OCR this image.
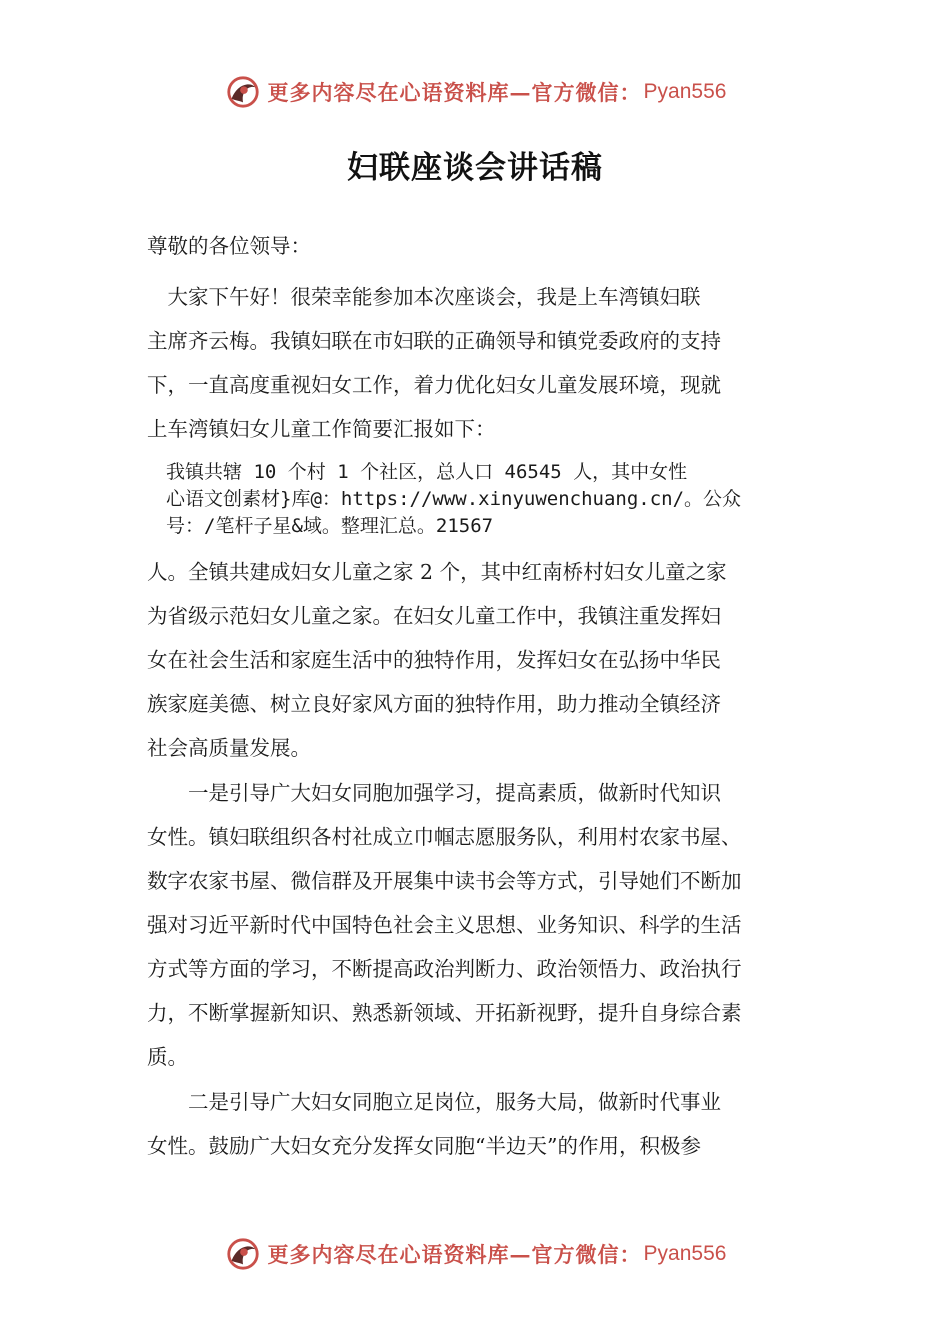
更多内容尽在心语资料库—官方微信： Pyan556
妇联座谈会讲话稿
尊敬的各位领导：
　大家下午好！很荣幸能参加本次座谈会，我是上车湾镇妇联
主席齐云梅。我镇妇联在市妇联的正确领导和镇党委政府的支持
下，一直高度重视妇女工作，着力优化妇女儿童发展环境，现就
上车湾镇妇女儿童工作简要汇报如下：
　我镇共辖 10 个村 1 个社区，总人口 46545 人，其中女性
　心语文创素材}库@：https://www.xinyuwenchuang.cn/。公众
　号：/笔杆子星&域。整理汇总。21567
人。全镇共建成妇女儿童之家 2 个，其中红南桥村妇女儿童之家
为省级示范妇女儿童之家。在妇女儿童工作中，我镇注重发挥妇
女在社会生活和家庭生活中的独特作用，发挥妇女在弘扬中华民
族家庭美德、树立良好家风方面的独特作用，助力推动全镇经济
社会高质量发展。
　　一是引导广大妇女同胞加强学习，提高素质，做新时代知识
女性。镇妇联组织各村社成立巾帼志愿服务队，利用村农家书屋、
数字农家书屋、微信群及开展集中读书会等方式，引导她们不断加
强对习近平新时代中国特色社会主义思想、业务知识、科学的生活
方式等方面的学习，不断提高政治判断力、政治领悟力、政治执行
力，不断掌握新知识、熟悉新领域、开拓新视野，提升自身综合素
质。
　　二是引导广大妇女同胞立足岗位，服务大局，做新时代事业
女性。鼓励广大妇女充分发挥女同胞“半边天”的作用，积极参
更多内容尽在心语资料库—官方微信： Pyan556
